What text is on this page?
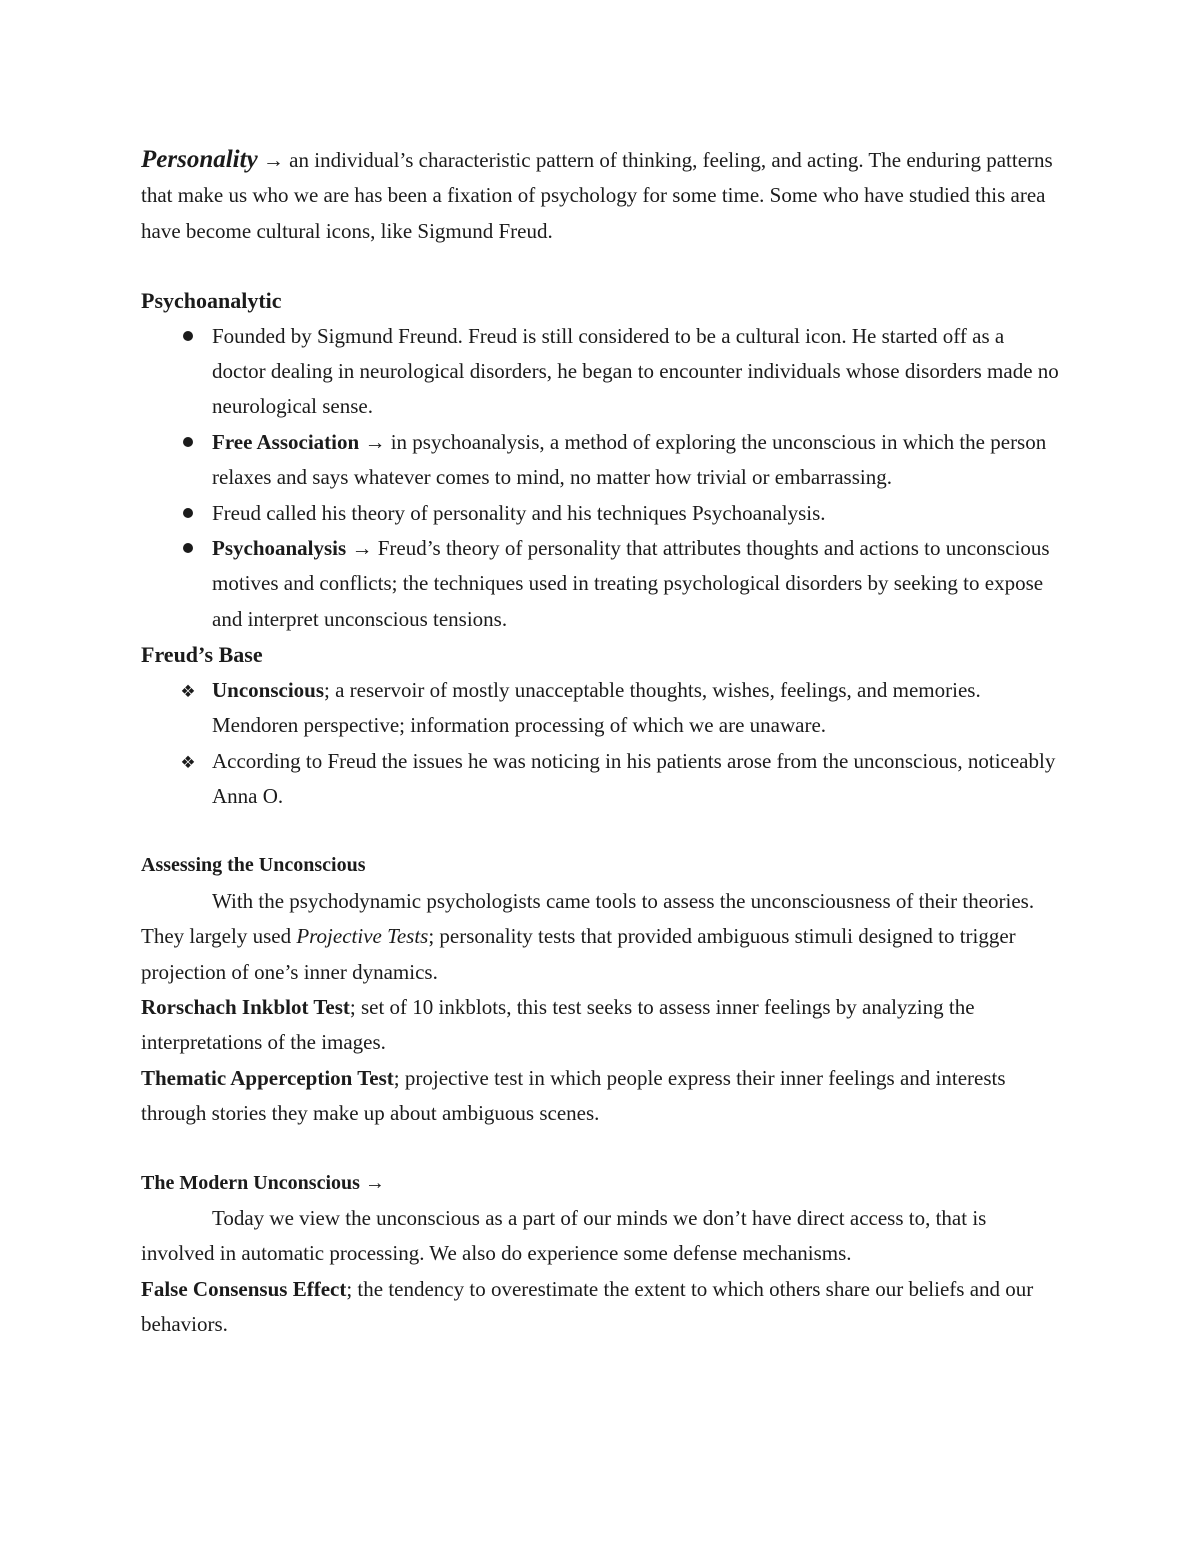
Personality → an individual’s characteristic pattern of thinking, feeling, and acting. The enduring patterns that make us who we are has been a fixation of psychology for some time. Some who have studied this area have become cultural icons, like Sigmund Freud.

Psychoanalytic

Founded by Sigmund Freund. Freud is still considered to be a cultural icon. He started off as a doctor dealing in neurological disorders, he began to encounter individuals whose disorders made no neurological sense.
Free Association → in psychoanalysis, a method of exploring the unconscious in which the person relaxes and says whatever comes to mind, no matter how trivial or embarrassing.
Freud called his theory of personality and his techniques Psychoanalysis.
Psychoanalysis → Freud’s theory of personality that attributes thoughts and actions to unconscious motives and conflicts; the techniques used in treating psychological disorders by seeking to expose and interpret unconscious tensions.

Freud’s Base

❖ Unconscious; a reservoir of mostly unacceptable thoughts, wishes, feelings, and memories. Mendoren perspective; information processing of which we are unaware.
❖ According to Freud the issues he was noticing in his patients arose from the unconscious, noticeably Anna O.

Assessing the Unconscious

With the psychodynamic psychologists came tools to assess the unconsciousness of their theories. They largely used Projective Tests; personality tests that provided ambiguous stimuli designed to trigger projection of one’s inner dynamics.

Rorschach Inkblot Test; set of 10 inkblots, this test seeks to assess inner feelings by analyzing the interpretations of the images.

Thematic Apperception Test; projective test in which people express their inner feelings and interests through stories they make up about ambiguous scenes.

The Modern Unconscious →

Today we view the unconscious as a part of our minds we don’t have direct access to, that is involved in automatic processing. We also do experience some defense mechanisms.

False Consensus Effect; the tendency to overestimate the extent to which others share our beliefs and our behaviors.
